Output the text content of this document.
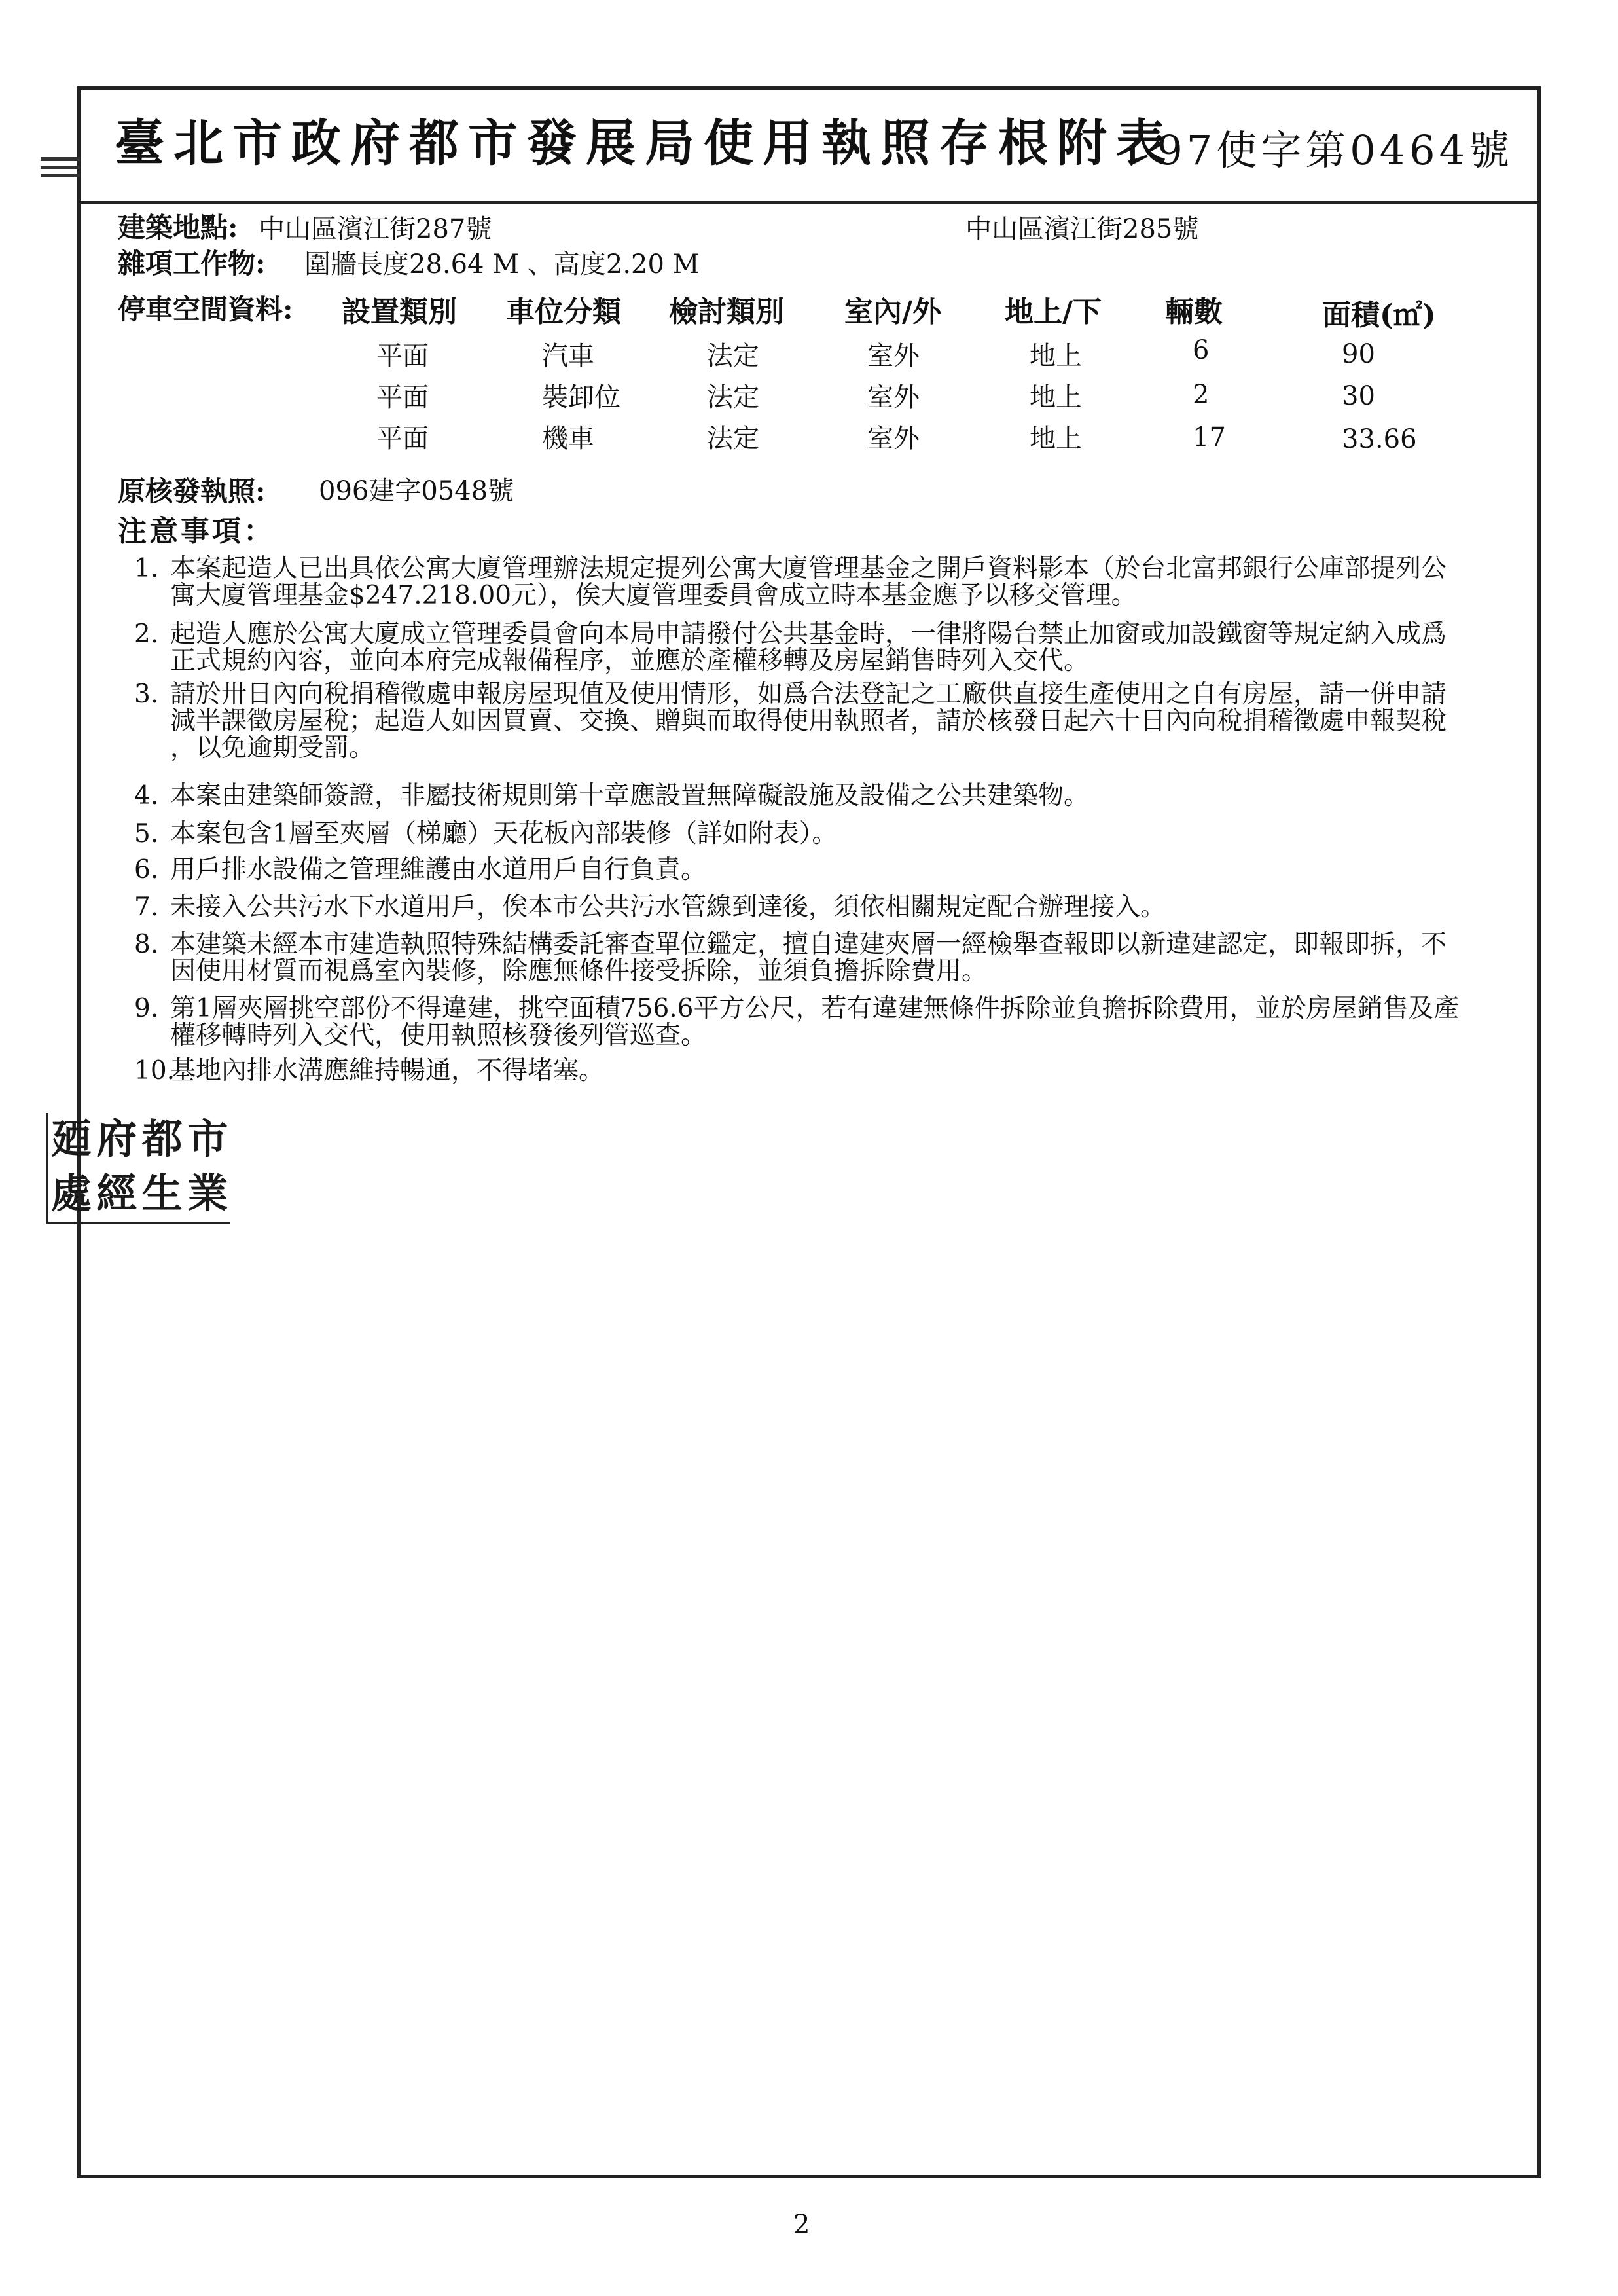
臺北市政府都市發展局使用執照存根附表
97使字第0464號
建築地點: 中山區濱江街287號	中山區濱江街285號
雜項工作物: 圍牆長度28.64 M 、高度2.20 M
停車空間資料: 設置類別 車位分類 檢討類別 室內/外 地上/下 輛數	面積(㎡)
平面	汽車	法定	室外	地上	6	90
平面	裝卸位	法定	室外	地上	2	30
平面	機車	法定	室外	地上	17	33.66
原核發執照: 096建字0548號
注意事項：
1. 本案起造人已出具依公寓大廈管理辦法規定提列公寓大廈管理基金之開戶資料影本（於台北富邦銀行公庫部提列公
寓大廈管理基金$247.218.00元），俟大廈管理委員會成立時本基金應予以移交管理。
2. 起造人應於公寓大廈成立管理委員會向本局申請撥付公共基金時，一律將陽台禁止加窗或加設鐵窗等規定納入成爲
正式規約內容，並向本府完成報備程序，並應於產權移轉及房屋銷售時列入交代。
3. 請於卅日內向稅捐稽徵處申報房屋現值及使用情形，如爲合法登記之工廠供直接生產使用之自有房屋，請一併申請
減半課徵房屋稅；起造人如因買賣、交換、贈與而取得使用執照者，請於核發日起六十日內向稅捐稽徵處申報契稅
，以免逾期受罰。
4. 本案由建築師簽證，非屬技術規則第十章應設置無障礙設施及設備之公共建築物。
5. 本案包含1層至夾層（梯廳）天花板內部裝修（詳如附表）。
6. 用戶排水設備之管理維護由水道用戶自行負責。
7. 未接入公共污水下水道用戶，俟本市公共污水管線到達後，須依相關規定配合辦理接入。
8. 本建築未經本市建造執照特殊結構委託審查單位鑑定，擅自違建夾層一經檢舉查報即以新違建認定，即報即拆，不
因使用材質而視爲室內裝修，除應無條件接受拆除，並須負擔拆除費用。
9. 第1層夾層挑空部份不得違建，挑空面積756.6平方公尺，若有違建無條件拆除並負擔拆除費用，並於房屋銷售及產
權移轉時列入交代，使用執照核發後列管巡查。
10.
基地內排水溝應維持暢通，不得堵塞。
廼 府 都 市
處 經 生 業
2
